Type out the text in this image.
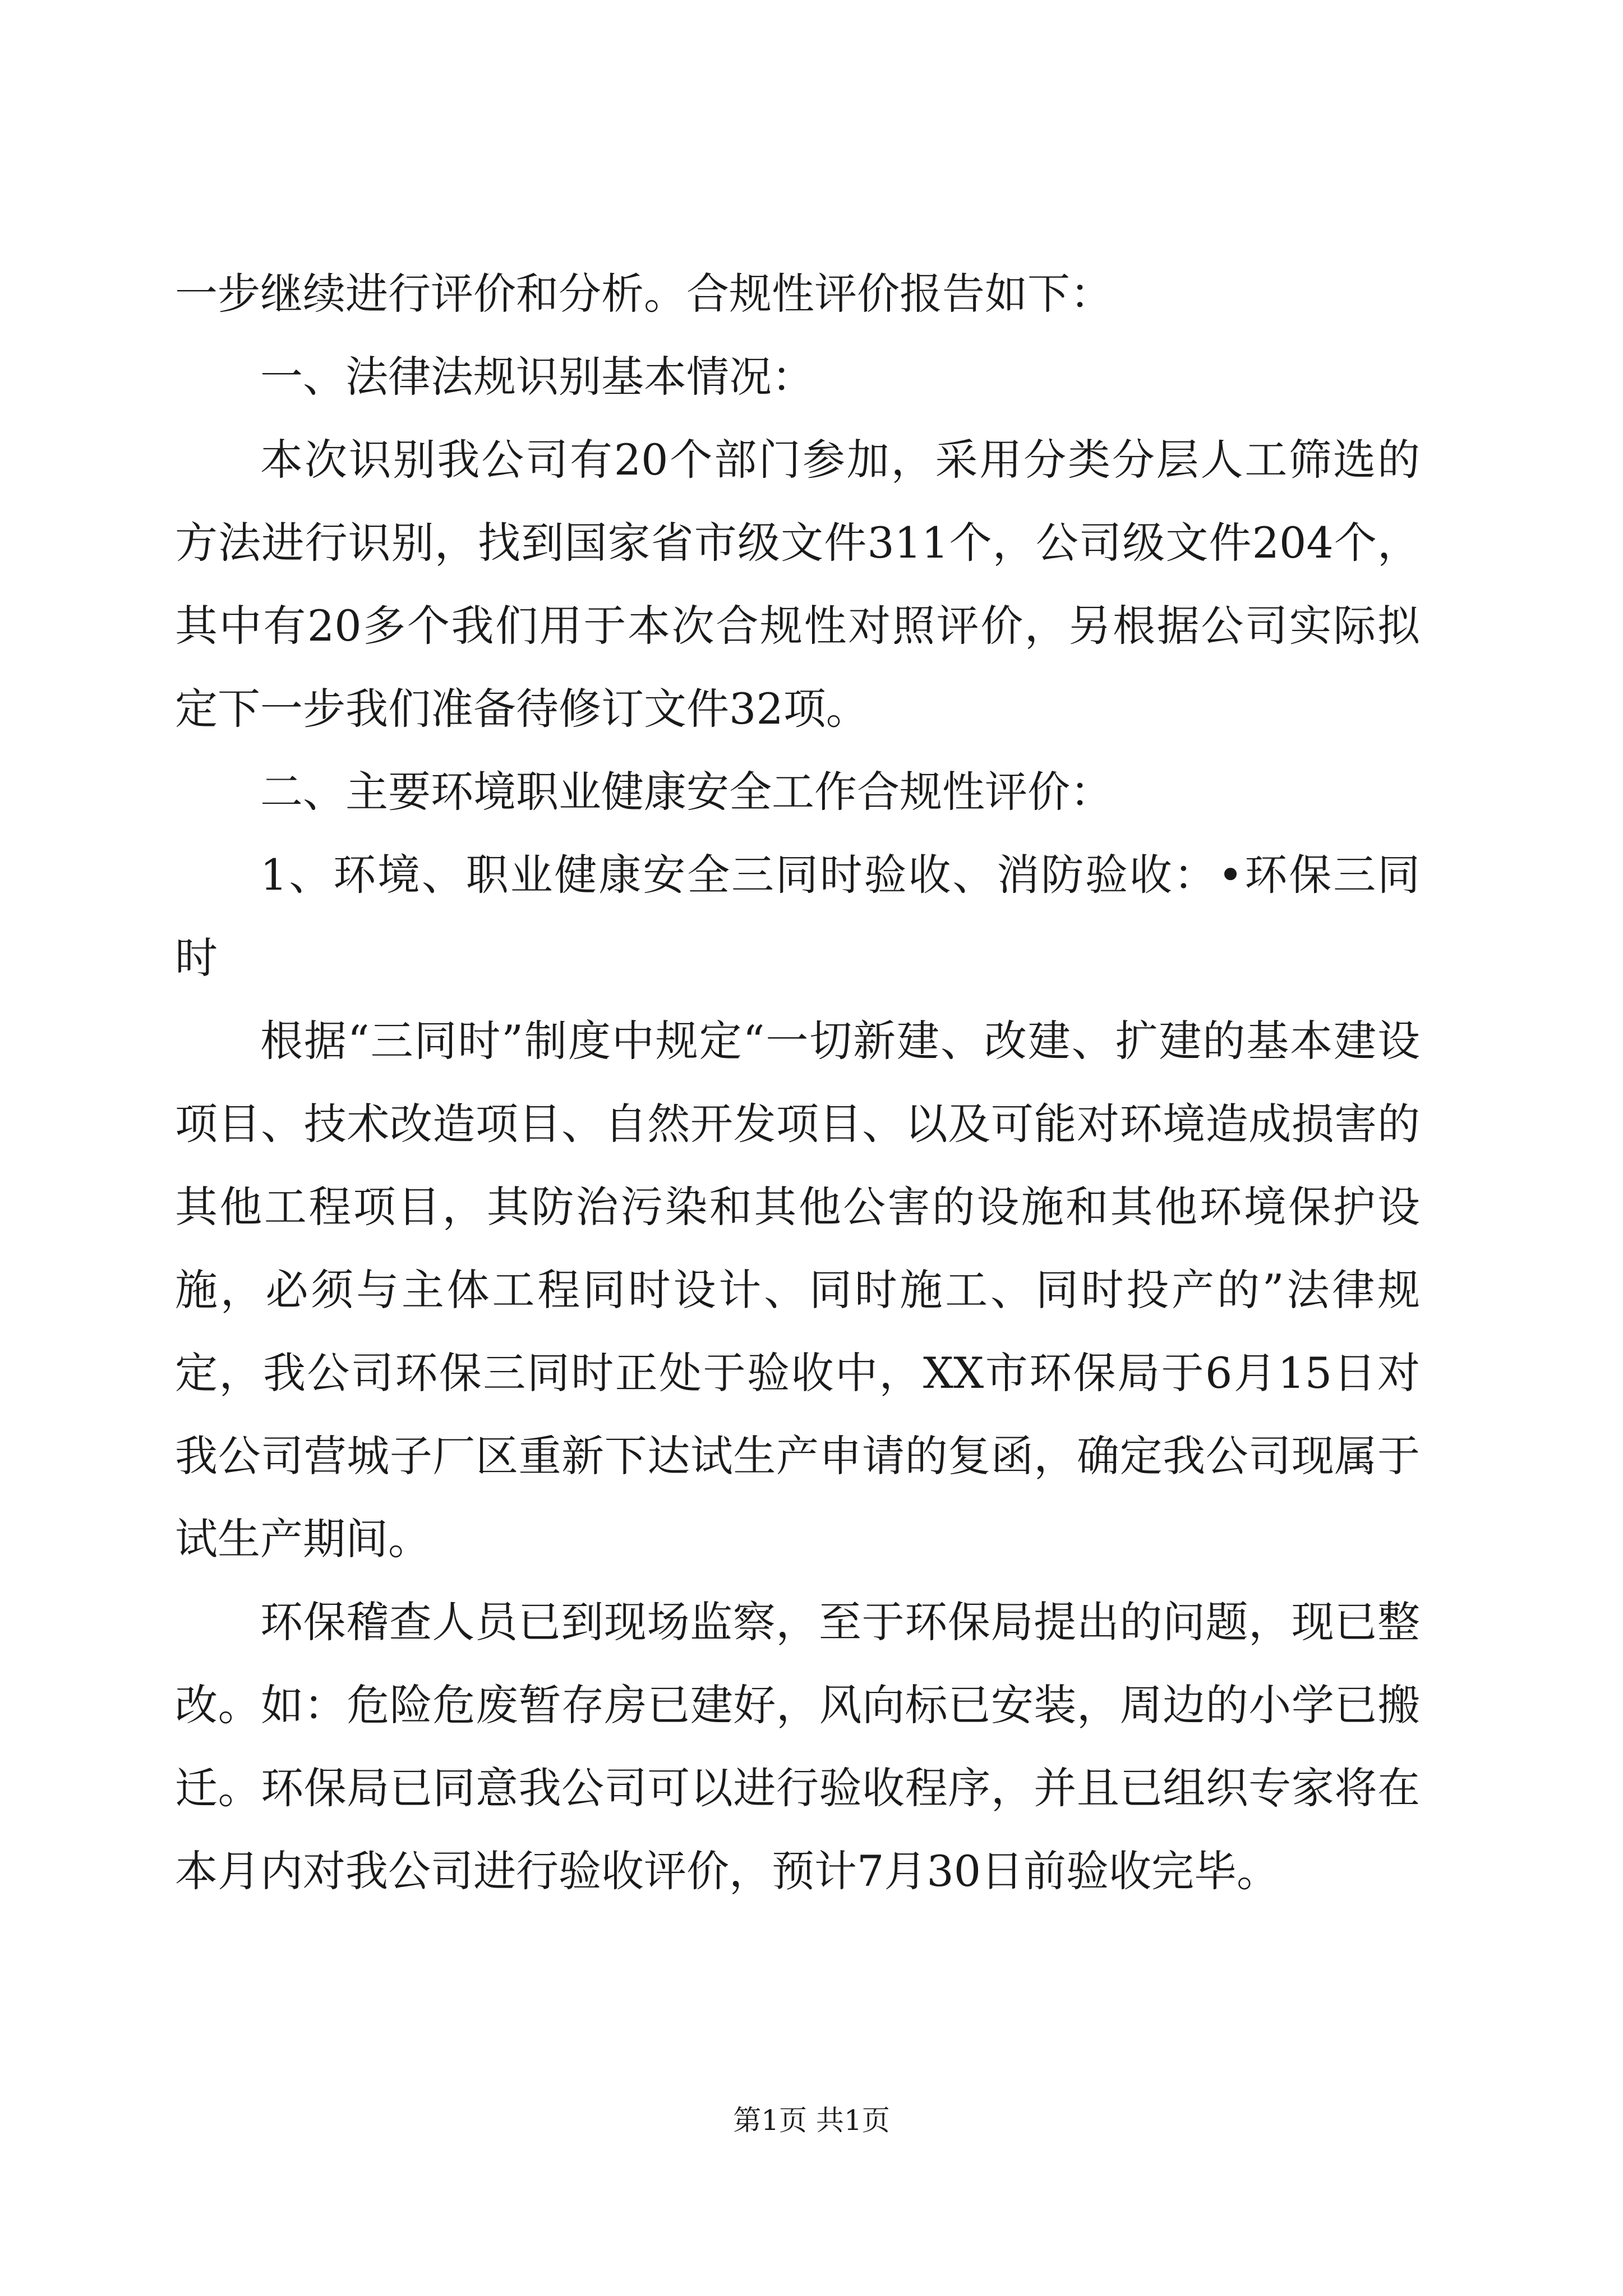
一步继续进行评价和分析。合规性评价报告如下：

一、法律法规识别基本情况：

本次识别我公司有20个部门参加，采用分类分层人工筛选的方法进行识别，找到国家省市级文件311个，公司级文件204个，其中有20多个我们用于本次合规性对照评价，另根据公司实际拟定下一步我们准备待修订文件32项。

二、主要环境职业健康安全工作合规性评价：

1、环境、职业健康安全三同时验收、消防验收：•环保三同时

根据“三同时”制度中规定“一切新建、改建、扩建的基本建设项目、技术改造项目、自然开发项目、以及可能对环境造成损害的其他工程项目，其防治污染和其他公害的设施和其他环境保护设施，必须与主体工程同时设计、同时施工、同时投产的”法律规定，我公司环保三同时正处于验收中，XX市环保局于6月15日对我公司营城子厂区重新下达试生产申请的复函，确定我公司现属于试生产期间。

环保稽查人员已到现场监察，至于环保局提出的问题，现已整改。如：危险危废暂存房已建好，风向标已安装，周边的小学已搬迁。环保局已同意我公司可以进行验收程序，并且已组织专家将在本月内对我公司进行验收评价，预计7月30日前验收完毕。

第1页 共1页
